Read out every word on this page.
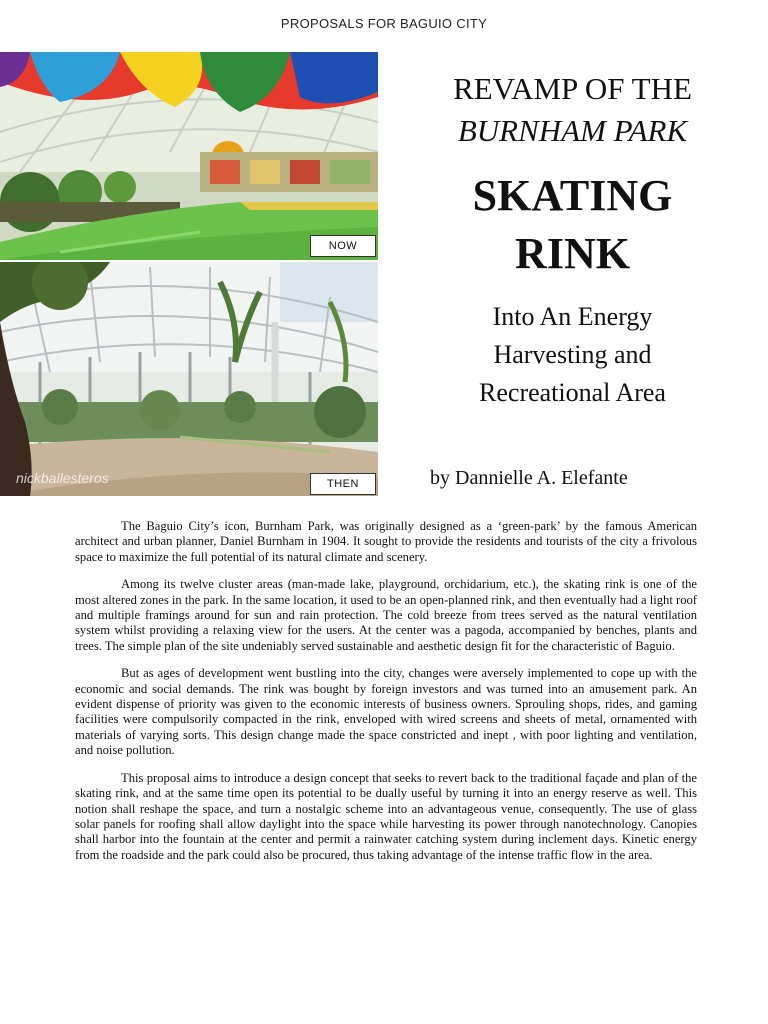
PROPOSALS FOR BAGUIO CITY
NOW
nickballesteros	THEN
REVAMP OF THE
BURNHAM PARK
SKATING
RINK
Into An Energy
Harvesting and
Recreational Area
by Dannielle A. Elefante

The Baguio City’s icon, Burnham Park, was originally designed as a ‘green-park’ by the famous American architect and urban planner, Daniel Burnham in 1904. It sought to provide the residents and tourists of the city a frivolous space to maximize the full potential of its natural climate and scenery.

Among its twelve cluster areas (man-made lake, playground, orchidarium, etc.), the skating rink is one of the most altered zones in the park. In the same location, it used to be an open-planned rink, and then eventually had a light roof and multiple framings around for sun and rain protection. The cold breeze from trees served as the natural ventilation system whilst providing a relaxing view for the users. At the center was a pagoda, accompanied by benches, plants and trees. The simple plan of the site undeniably served sustainable and aesthetic design fit for the characteristic of Baguio.

But as ages of development went bustling into the city, changes were aversely implemented to cope up with the economic and social demands. The rink was bought by foreign investors and was turned into an amusement park. An evident dispense of priority was given to the economic interests of business owners. Sprouling shops, rides, and gaming facilities were compulsorily compacted in the rink, enveloped with wired screens and sheets of metal, ornamented with materials of varying sorts. This design change made the space constricted and inept , with poor lighting and ventilation, and noise pollution.

This proposal aims to introduce a design concept that seeks to revert back to the traditional façade and plan of the skating rink, and at the same time open its potential to be dually useful by turning it into an energy reserve as well. This notion shall reshape the space, and turn a nostalgic scheme into an advantageous venue, consequently. The use of glass solar panels for roofing shall allow daylight into the space while harvesting its power through nanotechnology. Canopies shall harbor into the fountain at the center and permit a rainwater catching system during inclement days. Kinetic energy from the roadside and the park could also be procured, thus taking advantage of the intense traffic flow in the area.
